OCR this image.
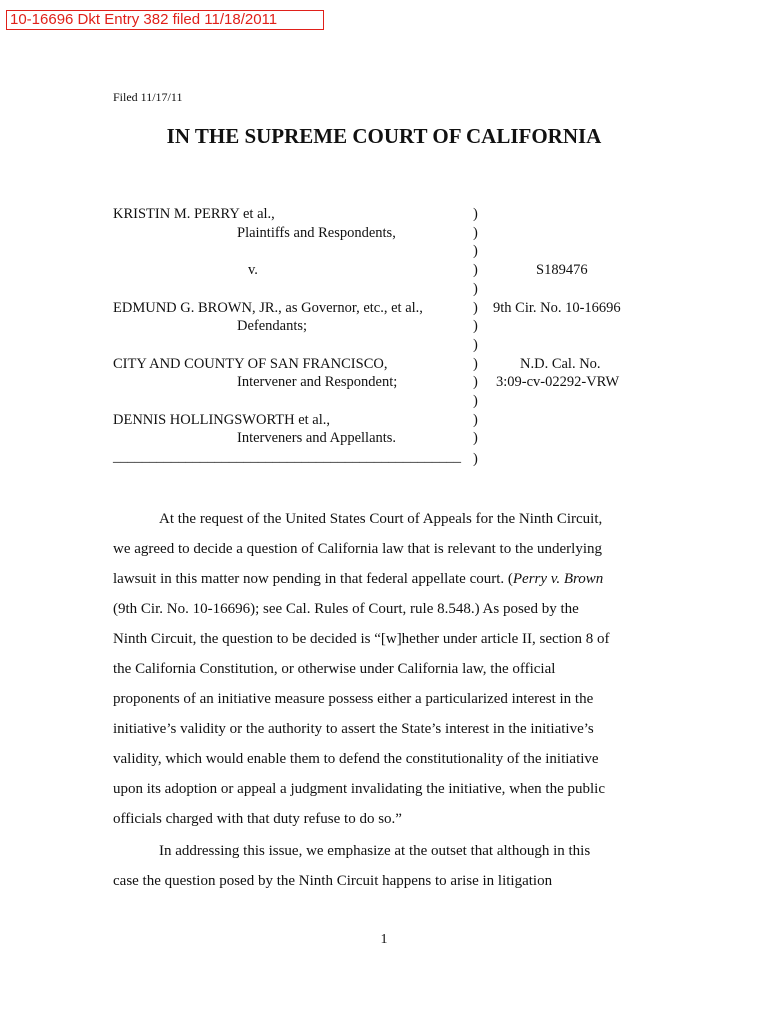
10-16696 Dkt Entry 382 filed 11/18/2011
Filed 11/17/11
IN THE SUPREME COURT OF CALIFORNIA
KRISTIN M. PERRY et al.,
Plaintiffs and Respondents,
v.
EDMUND G. BROWN, JR., as Governor, etc., et al.,
Defendants;
CITY AND COUNTY OF SAN FRANCISCO,
Intervener and Respondent;
DENNIS HOLLINGSWORTH et al.,
Interveners and Appellants.
________________________________________________
)
)
)
)
)
)
)
)
)
)
)
)
)
)
S189476
9th Cir. No. 10-16696
N.D. Cal. No.
3:09-cv-02292-VRW
At the request of the United States Court of Appeals for the Ninth Circuit,
we agreed to decide a question of California law that is relevant to the underlying
lawsuit in this matter now pending in that federal appellate court. (Perry v. Brown
(9th Cir. No. 10-16696); see Cal. Rules of Court, rule 8.548.) As posed by the
Ninth Circuit, the question to be decided is “[w]hether under article II, section 8 of
the California Constitution, or otherwise under California law, the official
proponents of an initiative measure possess either a particularized interest in the
initiative’s validity or the authority to assert the State’s interest in the initiative’s
validity, which would enable them to defend the constitutionality of the initiative
upon its adoption or appeal a judgment invalidating the initiative, when the public
officials charged with that duty refuse to do so.”
In addressing this issue, we emphasize at the outset that although in this
case the question posed by the Ninth Circuit happens to arise in litigation
1
